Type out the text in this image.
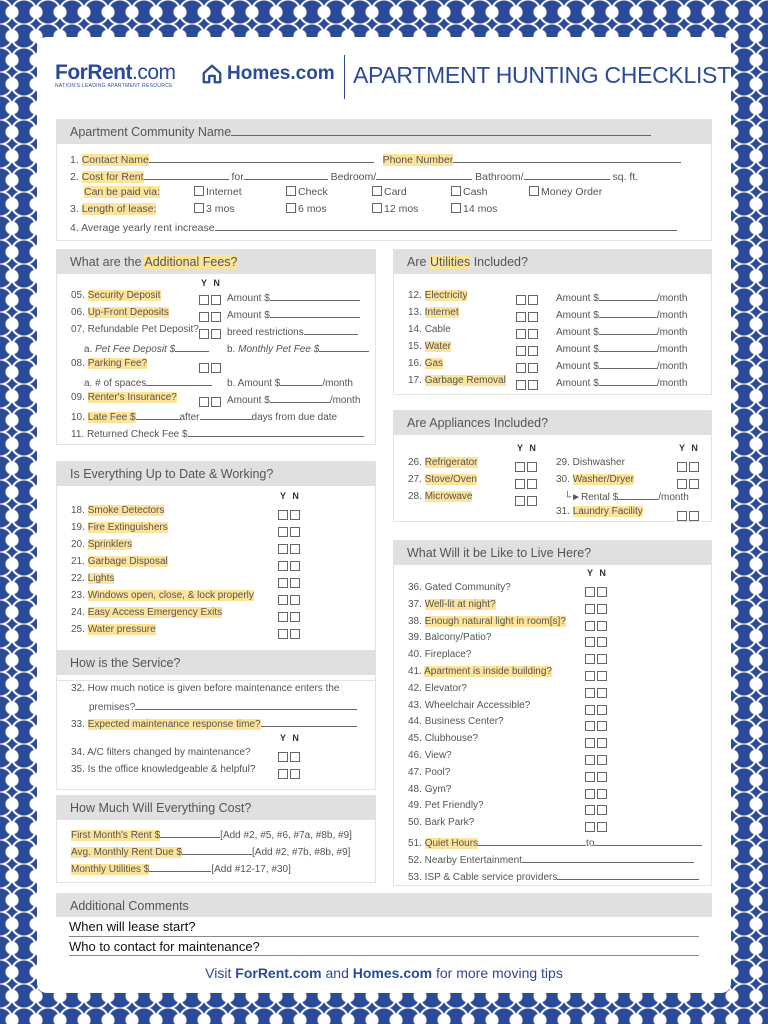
ForRent.com
NATION'S LEADING APARTMENT RESOURCE
Homes.com APARTMENT HUNTING CHECKLIST
Apartment Community Name
1. Contact Name	Phone Number
2. Cost for Rent	for	Bedroom/	Bathroom/	sq. ft.
Can be paid via:	Internet	Check	Card	Cash	Money Order
3. Length of lease:	3 mos	6 mos	12 mos	14 mos
4. Average yearly rent increase
What are the Additional Fees?
Y N
05. Security Deposit	Amount $
06. Up-Front Deposits	Amount $
07. Refundable Pet Deposit?	breed restrictions
a. Pet Fee Deposit $	b. Monthly Pet Fee $
08. Parking Fee?
a. # of spaces	b. Amount $	/month
09. Renter's Insurance?	Amount $	/month
10. Late Fee $	after	days from due date
11. Returned Check Fee $
Are Utilities Included?
12. Electricity	Amount $	/month
13. Internet	Amount $	/month
14. Cable	Amount $	/month
15. Water	Amount $	/month
16. Gas	Amount $	/month
17. Garbage Removal	Amount $	/month
Are Appliances Included?
Y N	Y N
26. Refrigerator
27. Stove/Oven
28. Microwave
29. Dishwasher
30. Washer/Dryer
└►Rental $	/month
31. Laundry Facility
Is Everything Up to Date & Working?
Y N
18. Smoke Detectors
19. Fire Extinguishers
20. Sprinklers
21. Garbage Disposal
22. Lights
23. Windows open, close, & lock properly
24. Easy Access Emergency Exits
25. Water pressure
What Will it be Like to Live Here?
Y N
36. Gated Community?
37. Well-lit at night?
38. Enough natural light in room[s]?
39. Balcony/Patio?
40. Fireplace?
41. Apartment is inside building?
42. Elevator?
43. Wheelchair Accessible?
44. Business Center?
45. Clubhouse?
46. View?
47. Pool?
48. Gym?
49. Pet Friendly?
50. Bark Park?
51. Quiet Hours	to
52. Nearby Entertainment
53. ISP & Cable service providers
How is the Service?
32. How much notice is given before maintenance enters the
premises?
33. Expected maintenance response time?
Y N
34. A/C filters changed by maintenance?
35. Is the office knowledgeable & helpful?
How Much Will Everything Cost?
First Month's Rent $	[Add #2, #5, #6, #7a, #8b, #9]
Avg. Monthly Rent Due $	[Add #2, #7b, #8b, #9]
Monthly Utilities $	[Add #12-17, #30]
Additional Comments
When will lease start?
Who to contact for maintenance?
Visit ForRent.com and Homes.com for more moving tips
